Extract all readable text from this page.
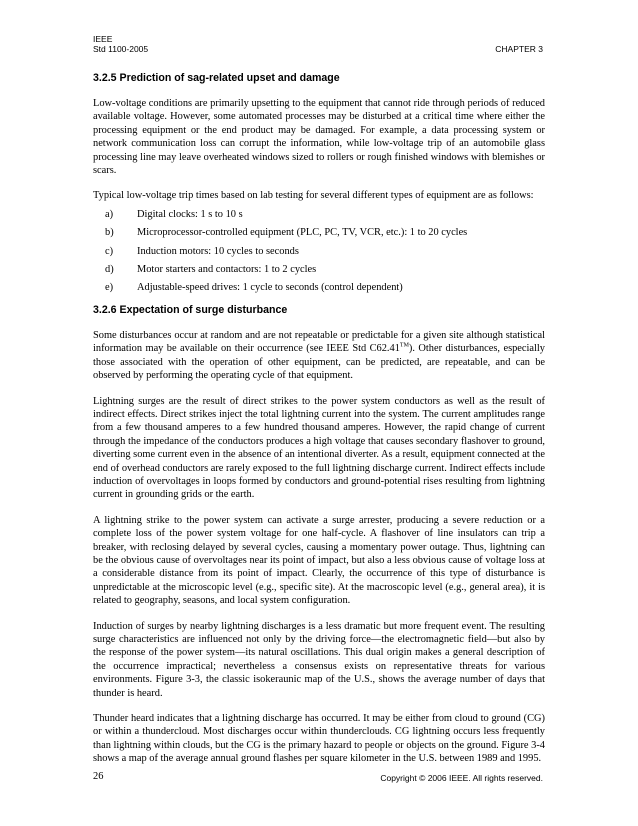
IEEE
Std 1100-2005	CHAPTER 3
3.2.5 Prediction of sag-related upset and damage

Low-voltage conditions are primarily upsetting to the equipment that cannot ride through periods of reduced available voltage. However, some automated processes may be disturbed at a critical time where either the processing equipment or the end product may be damaged. For example, a data processing system or network communication loss can corrupt the information, while low-voltage trip of an automobile glass processing line may leave overheated windows sized to rollers or rough finished windows with blemishes or scars.

Typical low-voltage trip times based on lab testing for several different types of equipment are as follows:

a)	Digital clocks: 1 s to 10 s
b)	Microprocessor-controlled equipment (PLC, PC, TV, VCR, etc.): 1 to 20 cycles
c)	Induction motors: 10 cycles to seconds
d)	Motor starters and contactors: 1 to 2 cycles
e)	Adjustable-speed drives: 1 cycle to seconds (control dependent)
3.2.6 Expectation of surge disturbance

Some disturbances occur at random and are not repeatable or predictable for a given site although statistical information may be available on their occurrence (see IEEE Std C62.41™). Other disturbances, especially those associated with the operation of other equipment, can be predicted, are repeatable, and can be observed by performing the operating cycle of that equipment.

Lightning surges are the result of direct strikes to the power system conductors as well as the result of indirect effects. Direct strikes inject the total lightning current into the system. The current amplitudes range from a few thousand amperes to a few hundred thousand amperes. However, the rapid change of current through the impedance of the conductors produces a high voltage that causes secondary flashover to ground, diverting some current even in the absence of an intentional diverter. As a result, equipment connected at the end of overhead conductors are rarely exposed to the full lightning discharge current. Indirect effects include induction of overvoltages in loops formed by conductors and ground-potential rises resulting from lightning current in grounding grids or the earth.

A lightning strike to the power system can activate a surge arrester, producing a severe reduction or a complete loss of the power system voltage for one half-cycle. A flashover of line insulators can trip a breaker, with reclosing delayed by several cycles, causing a momentary power outage. Thus, lightning can be the obvious cause of overvoltages near its point of impact, but also a less obvious cause of voltage loss at a considerable distance from its point of impact. Clearly, the occurrence of this type of disturbance is unpredictable at the microscopic level (e.g., specific site). At the macroscopic level (e.g., general area), it is related to geography, seasons, and local system configuration.

Induction of surges by nearby lightning discharges is a less dramatic but more frequent event. The resulting surge characteristics are influenced not only by the driving force—the electromagnetic field—but also by the response of the power system—its natural oscillations. This dual origin makes a general description of the occurrence impractical; nevertheless a consensus exists on representative threats for various environments. Figure 3-3, the classic isokeraunic map of the U.S., shows the average number of days that thunder is heard.

Thunder heard indicates that a lightning discharge has occurred. It may be either from cloud to ground (CG) or within a thundercloud. Most discharges occur within thunderclouds. CG lightning occurs less frequently than lightning within clouds, but the CG is the primary hazard to people or objects on the ground. Figure 3-4 shows a map of the average annual ground flashes per square kilometer in the U.S. between 1989 and 1995.

26	Copyright © 2006 IEEE. All rights reserved.
